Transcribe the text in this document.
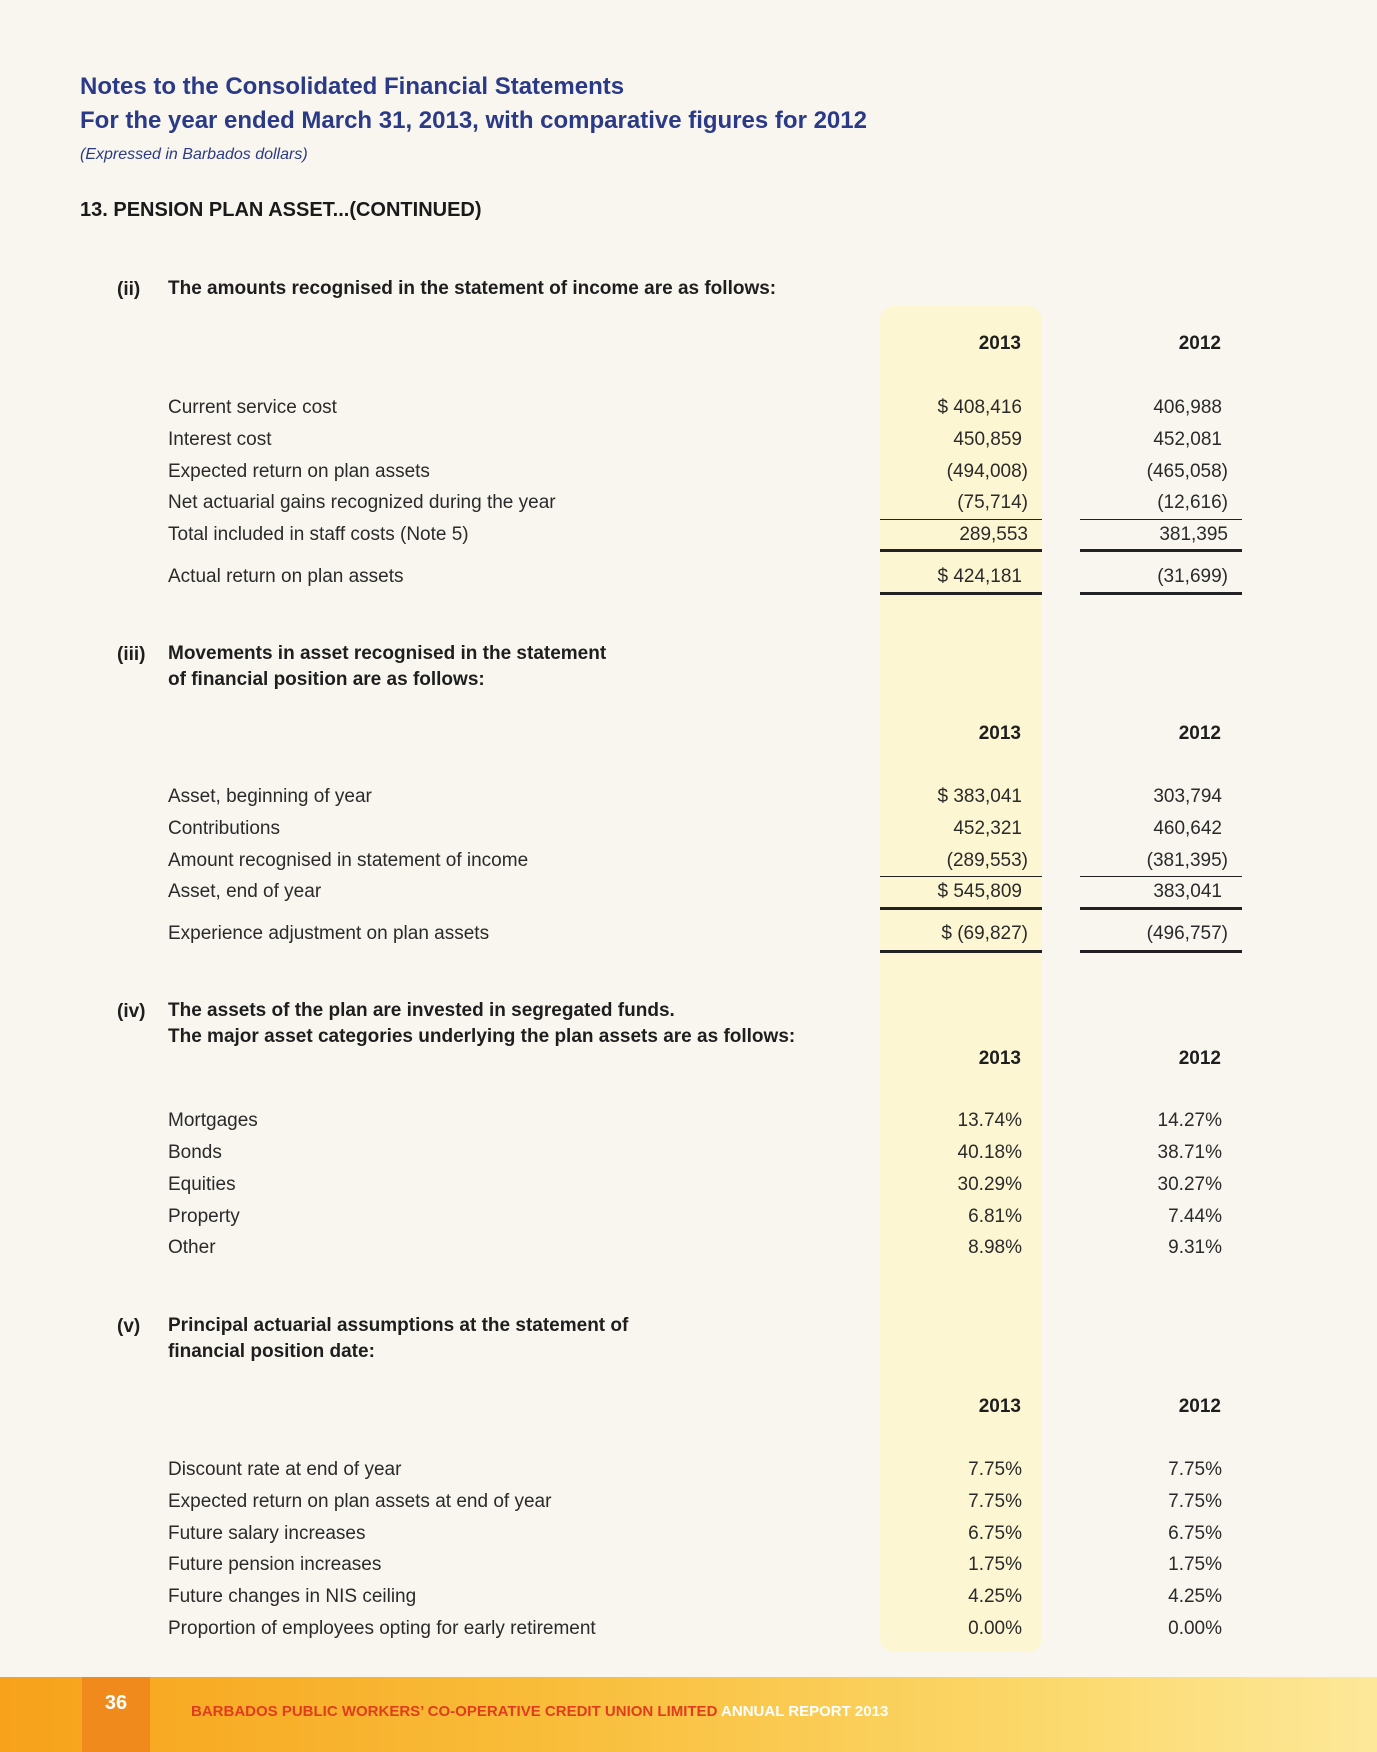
Notes to the Consolidated Financial Statements
For the year ended March 31, 2013, with comparative figures for 2012
(Expressed in Barbados dollars)
13. PENSION PLAN ASSET...(CONTINUED)
(ii) The amounts recognised in the statement of income are as follows:
2013	2012
Current service cost	$ 408,416	406,988
Interest cost	450,859	452,081
Expected return on plan assets	(494,008)	(465,058)
Net actuarial gains recognized during the year	(75,714)	(12,616)
Total included in staff costs (Note 5)	289,553	381,395
Actual return on plan assets	$ 424,181	(31,699)
(iii) Movements in asset recognised in the statement
of financial position are as follows:
2013	2012
Asset, beginning of year	$ 383,041	303,794
Contributions	452,321	460,642
Amount recognised in statement of income	(289,553)	(381,395)
Asset, end of year	$ 545,809	383,041
Experience adjustment on plan assets	$ (69,827)	(496,757)
(iv) The assets of the plan are invested in segregated funds.
The major asset categories underlying the plan assets are as follows:
2013	2012
Mortgages	13.74%	14.27%
Bonds	40.18%	38.71%
Equities	30.29%	30.27%
Property	6.81%	7.44%
Other	8.98%	9.31%
(v) Principal actuarial assumptions at the statement of
financial position date:
2013	2012
Discount rate at end of year	7.75%	7.75%
Expected return on plan assets at end of year	7.75%	7.75%
Future salary increases	6.75%	6.75%
Future pension increases	1.75%	1.75%
Future changes in NIS ceiling	4.25%	4.25%
Proportion of employees opting for early retirement	0.00%	0.00%
36	BARBADOS PUBLIC WORKERS’ CO-OPERATIVE CREDIT UNION LIMITED ANNUAL REPORT 2013
